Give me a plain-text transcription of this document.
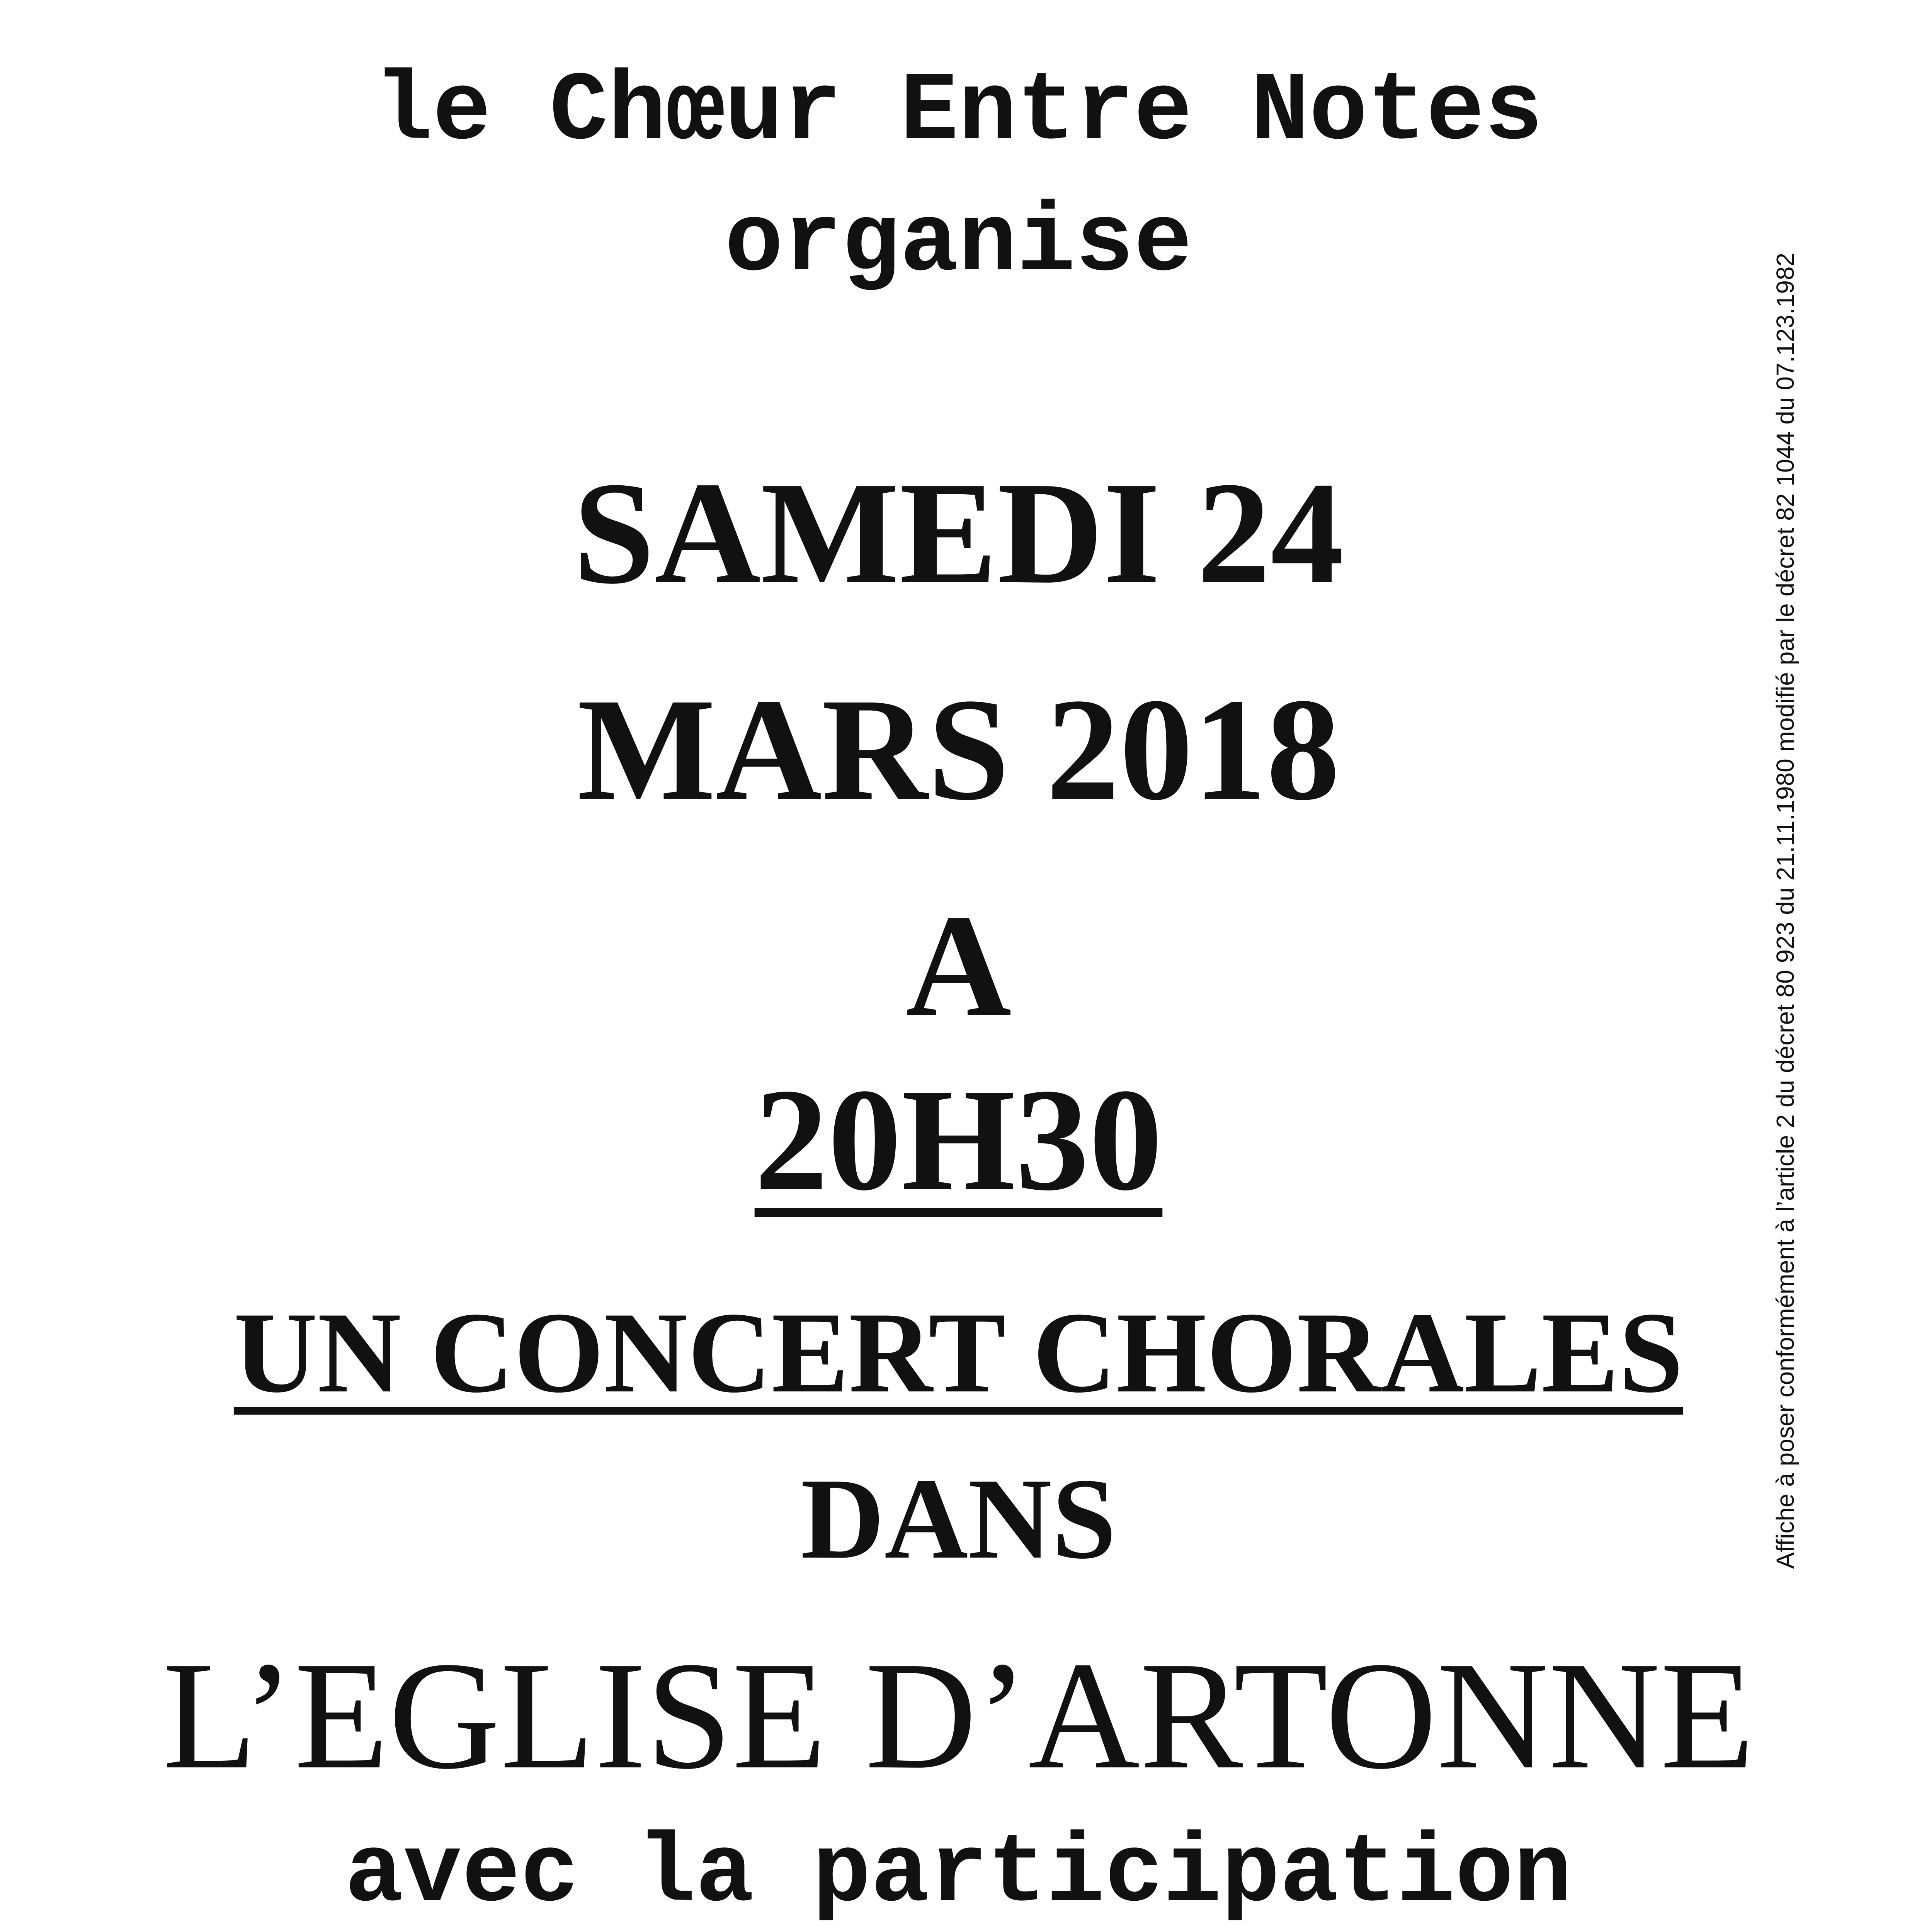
le Chœur Entre Notes
organise
SAMEDI 24
MARS 2018
A
20H30
UN CONCERT CHORALES
DANS
L’EGLISE D’ARTONNE
avec la participation
Affiche à poser conformément à l’article 2 du décret 80 923 du 21.11.1980 modifié par le décret 82 1044 du 07.123.1982
